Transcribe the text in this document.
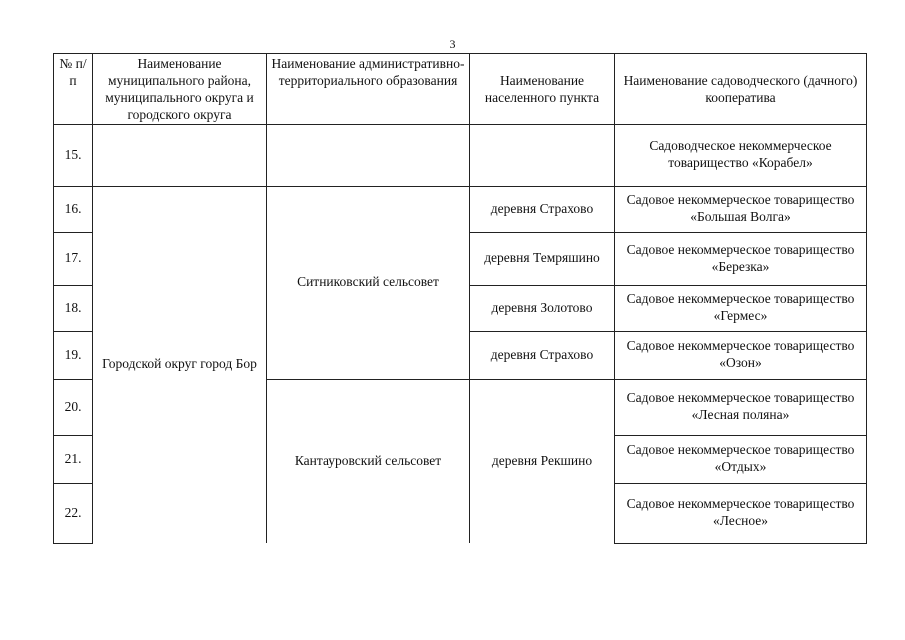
3
№ п/п	Наименование муниципального района, муниципального округа и городского округа	Наименование административно-территориального образования	Наименование населенного пункта	Наименование садоводческого (дачного) кооператива
15.				Садоводческое некоммерческое товарищество «Корабел»
16.	Городской округ город Бор	Ситниковский сельсовет	деревня Страхово	Садовое некоммерческое товарищество «Большая Волга»
17.			деревня Темряшино	Садовое некоммерческое товарищество «Березка»
18.			деревня Золотово	Садовое некоммерческое товарищество «Гермес»
19.			деревня Страхово	Садовое некоммерческое товарищество «Озон»
20.		Кантауровский сельсовет	деревня Рекшино	Садовое некоммерческое товарищество «Лесная поляна»
21.				Садовое некоммерческое товарищество «Отдых»
22.				Садовое некоммерческое товарищество «Лесное»
